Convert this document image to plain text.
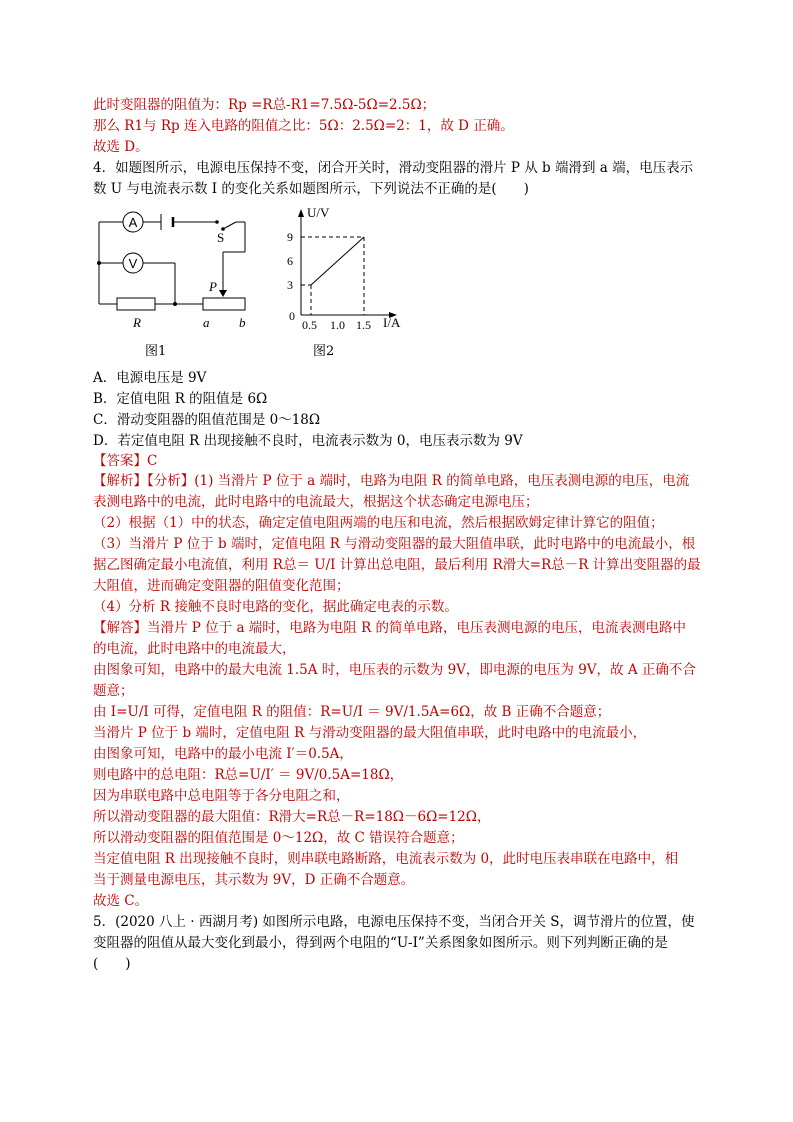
此时变阻器的阻值为：Rp =R总-R1=7.5Ω-5Ω=2.5Ω；
那么 R1与 Rp 连入电路的阻值之比：5Ω：2.5Ω=2：1，故 D 正确。
故选 D。
4．如题图所示，电源电压保持不变，闭合开关时，滑动变阻器的滑片 P 从 b 端滑到 a 端，电压表示
数 U 与电流表示数 I 的变化关系如题图所示，下列说法不正确的是(　　)
A
V
S
R
P
a b
图1
U/V
I/A
0
3
6
9
0.5 1.0 1.5
图2
A．电源电压是 9V
B．定值电阻 R 的阻值是 6Ω
C．滑动变阻器的阻值范围是 0～18Ω
D．若定值电阻 R 出现接触不良时，电流表示数为 0，电压表示数为 9V
【答案】C
【解析】【分析】(1) 当滑片 P 位于 a 端时，电路为电阻 R 的简单电路，电压表测电源的电压，电流
表测电路中的电流，此时电路中的电流最大，根据这个状态确定电源电压；
（2）根据（1）中的状态，确定定值电阻两端的电压和电流，然后根据欧姆定律计算它的阻值；
（3）当滑片 P 位于 b 端时，定值电阻 R 与滑动变阻器的最大阻值串联，此时电路中的电流最小，根
据乙图确定最小电流值，利用 R总＝ U/I 计算出总电阻，最后利用 R滑大=R总－R 计算出变阻器的最
大阻值，进而确定变阻器的阻值变化范围；
（4）分析 R 接触不良时电路的变化，据此确定电表的示数。
【解答】当滑片 P 位于 a 端时，电路为电阻 R 的简单电路，电压表测电源的电压，电流表测电路中
的电流，此时电路中的电流最大，
由图象可知，电路中的最大电流 1.5A 时，电压表的示数为 9V，即电源的电压为 9V，故 A 正确不合
题意；
由 I=U/I 可得，定值电阻 R 的阻值：R=U/I ＝ 9V/1.5A=6Ω，故 B 正确不合题意；
当滑片 P 位于 b 端时，定值电阻 R 与滑动变阻器的最大阻值串联，此时电路中的电流最小，
由图象可知，电路中的最小电流 I′＝0.5A，
则电路中的总电阻：R总=U/I′ ＝ 9V/0.5A=18Ω，
因为串联电路中总电阻等于各分电阻之和，
所以滑动变阻器的最大阻值：R滑大=R总－R=18Ω－6Ω=12Ω，
所以滑动变阻器的阻值范围是 0～12Ω，故 C 错误符合题意；
当定值电阻 R 出现接触不良时，则串联电路断路，电流表示数为 0，此时电压表串联在电路中，相
当于测量电源电压，其示数为 9V，D 正确不合题意。
故选 C。
5．(2020 八上 · 西湖月考) 如图所示电路，电源电压保持不变，当闭合开关 S，调节滑片的位置，使
变阻器的阻值从最大变化到最小，得到两个电阻的“U-I”关系图象如图所示。则下列判断正确的是
(　　)
